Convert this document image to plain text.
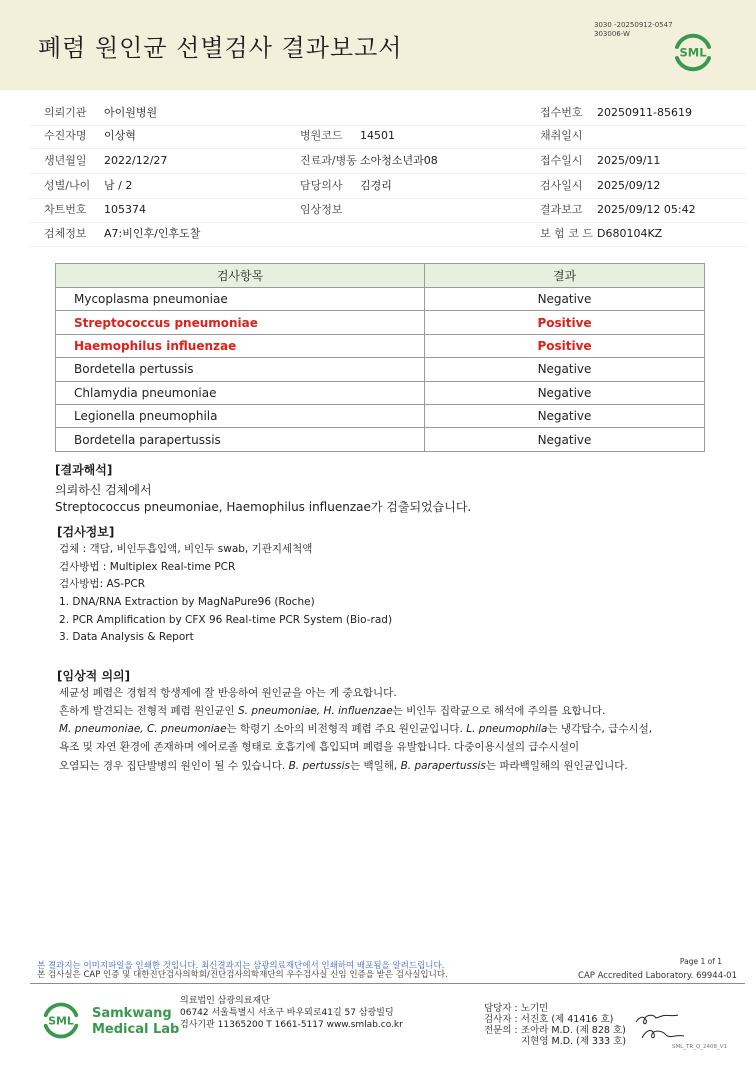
폐렴 원인균 선별검사 결과보고서
3030 -20250912-0547
303006-W
SML
의뢰기관 아이원병원	접수번호 20250911-85619
수진자명 이상혁	병원코드 14501	채취일시
생년월일 2022/12/27	진료과/병동 소아청소년과08	접수일시 2025/09/11
성별/나이 남 / 2	담당의사 김경리	검사일시 2025/09/12
차트번호 105374	임상정보	결과보고 2025/09/12 05:42
검체정보 A7:비인후/인후도찰	보 험 코 드 D680104KZ
검사항목	결과
Mycoplasma pneumoniae	Negative
Streptococcus pneumoniae	Positive
Haemophilus influenzae	Positive
Bordetella pertussis	Negative
Chlamydia pneumoniae	Negative
Legionella pneumophila	Negative
Bordetella parapertussis	Negative
[결과해석]
의뢰하신 검체에서
Streptococcus pneumoniae, Haemophilus influenzae가 검출되었습니다.
[검사정보]
검체 : 객담, 비인두흡입액, 비인두 swab, 기관지세척액
검사방법 : Multiplex Real-time PCR
검사방법: AS-PCR
1. DNA/RNA Extraction by MagNaPure96 (Roche)
2. PCR Amplification by CFX 96 Real-time PCR System (Bio-rad)
3. Data Analysis & Report
[임상적 의의]
세균성 폐렴은 경험적 항생제에 잘 반응하여 원인균을 아는 게 중요합니다.
흔하게 발견되는 전형적 폐렴 원인균인 S. pneumoniae, H. influenzae는 비인두 집락균으로 해석에 주의를 요합니다.
M. pneumoniae, C. pneumoniae는 학령기 소아의 비전형적 폐렴 주요 원인균입니다. L. pneumophila는 냉각탑수, 급수시설,
욕조 및 자연 환경에 존재하며 에어로졸 형태로 호흡기에 흡입되며 폐렴을 유발합니다. 다중이용시설의 급수시설이
오염되는 경우 집단발병의 원인이 될 수 있습니다. B. pertussis는 백일해, B. parapertussis는 파라백일해의 원인균입니다.
본 결과지는 이미지파일을 인쇄한 것입니다. 최신결과지는 삼광의료재단에서 인쇄하여 배포됨을 알려드립니다.
본 검사실은 CAP 인증 및 대한진단검사의학회/진단검사의학재단의 우수검사실 신임 인증을 받은 검사실입니다.
Page 1 of 1
CAP Accredited Laboratory. 69944-01
SML Samkwang
Medical Lab
의료법인 삼광의료재단
06742 서울특별시 서초구 바우뫼로41길 57 삼광빌딩
검사기관 11365200 T 1661-5117 www.smlab.co.kr
담당자 : 노기민
검사자 : 서진호 (제 41416 호)
전문의 : 조아라 M.D. (제 828 호)
지현영 M.D. (제 333 호)	SML_TR_Q_2408_V1
